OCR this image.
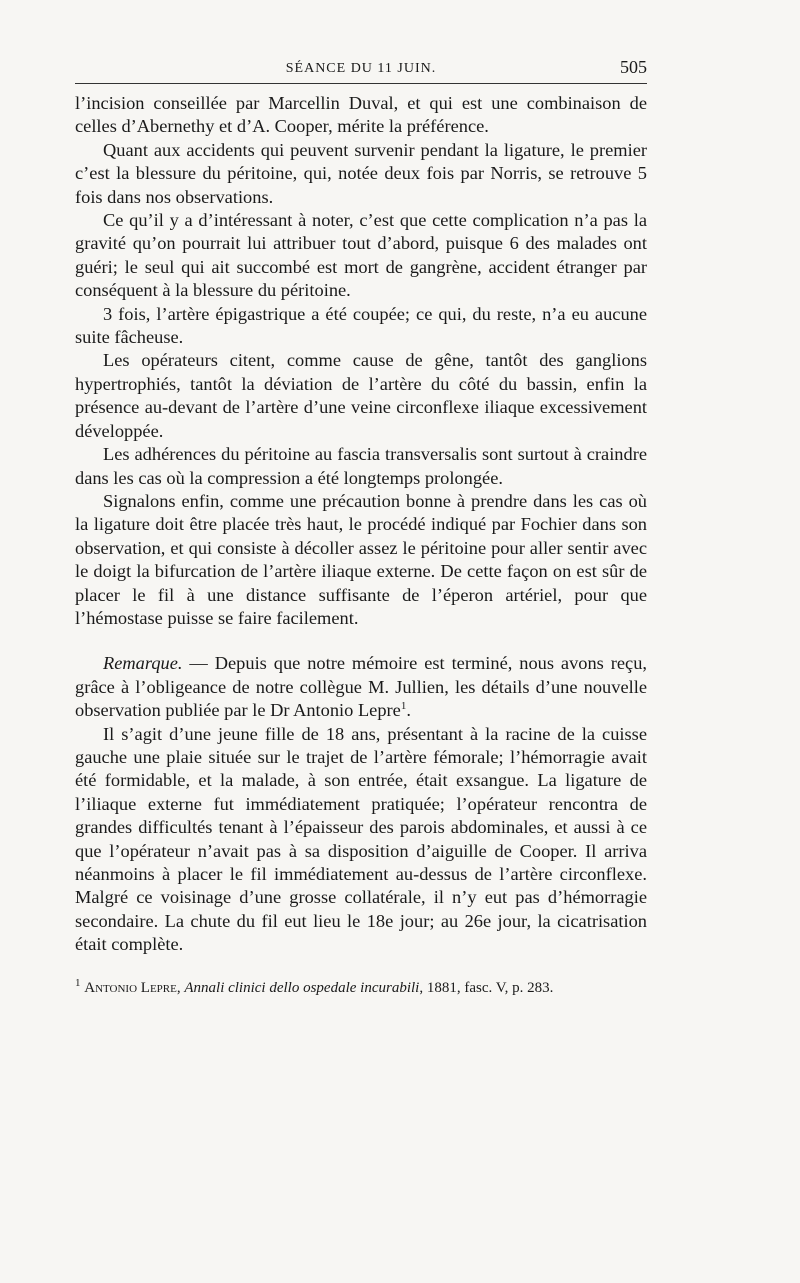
SÉANCE DU 11 JUIN.	505

l’incision conseillée par Marcellin Duval, et qui est une combinaison de celles d’Abernethy et d’A. Cooper, mérite la préférence.

Quant aux accidents qui peuvent survenir pendant la ligature, le premier c’est la blessure du péritoine, qui, notée deux fois par Norris, se retrouve 5 fois dans nos observations.

Ce qu’il y a d’intéressant à noter, c’est que cette complication n’a pas la gravité qu’on pourrait lui attribuer tout d’abord, puisque 6 des malades ont guéri; le seul qui ait succombé est mort de gangrène, accident étranger par conséquent à la blessure du péritoine.

3 fois, l’artère épigastrique a été coupée; ce qui, du reste, n’a eu aucune suite fâcheuse.

Les opérateurs citent, comme cause de gêne, tantôt des ganglions hypertrophiés, tantôt la déviation de l’artère du côté du bassin, enfin la présence au-devant de l’artère d’une veine circonflexe iliaque excessivement développée.

Les adhérences du péritoine au fascia transversalis sont surtout à craindre dans les cas où la compression a été longtemps prolongée.

Signalons enfin, comme une précaution bonne à prendre dans les cas où la ligature doit être placée très haut, le procédé indiqué par Fochier dans son observation, et qui consiste à décoller assez le péritoine pour aller sentir avec le doigt la bifurcation de l’artère iliaque externe. De cette façon on est sûr de placer le fil à une distance suffisante de l’éperon artériel, pour que l’hémostase puisse se faire facilement.

Remarque. — Depuis que notre mémoire est terminé, nous avons reçu, grâce à l’obligeance de notre collègue M. Jullien, les détails d’une nouvelle observation publiée par le Dr Antonio Lepre$^1$.

Il s’agit d’une jeune fille de 18 ans, présentant à la racine de la cuisse gauche une plaie située sur le trajet de l’artère fémorale; l’hémorragie avait été formidable, et la malade, à son entrée, était exsangue. La ligature de l’iliaque externe fut immédiatement pratiquée; l’opérateur rencontra de grandes difficultés tenant à l’épaisseur des parois abdominales, et aussi à ce que l’opérateur n’avait pas à sa disposition d’aiguille de Cooper. Il arriva néanmoins à placer le fil immédiatement au-dessus de l’artère circonflexe. Malgré ce voisinage d’une grosse collatérale, il n’y eut pas d’hémorragie secondaire. La chute du fil eut lieu le 18e jour; au 26e jour, la cicatrisation était complète.

$^1$ Antonio Lepre, Annali clinici dello ospedale incurabili, 1881, fasc. V, p. 283.
